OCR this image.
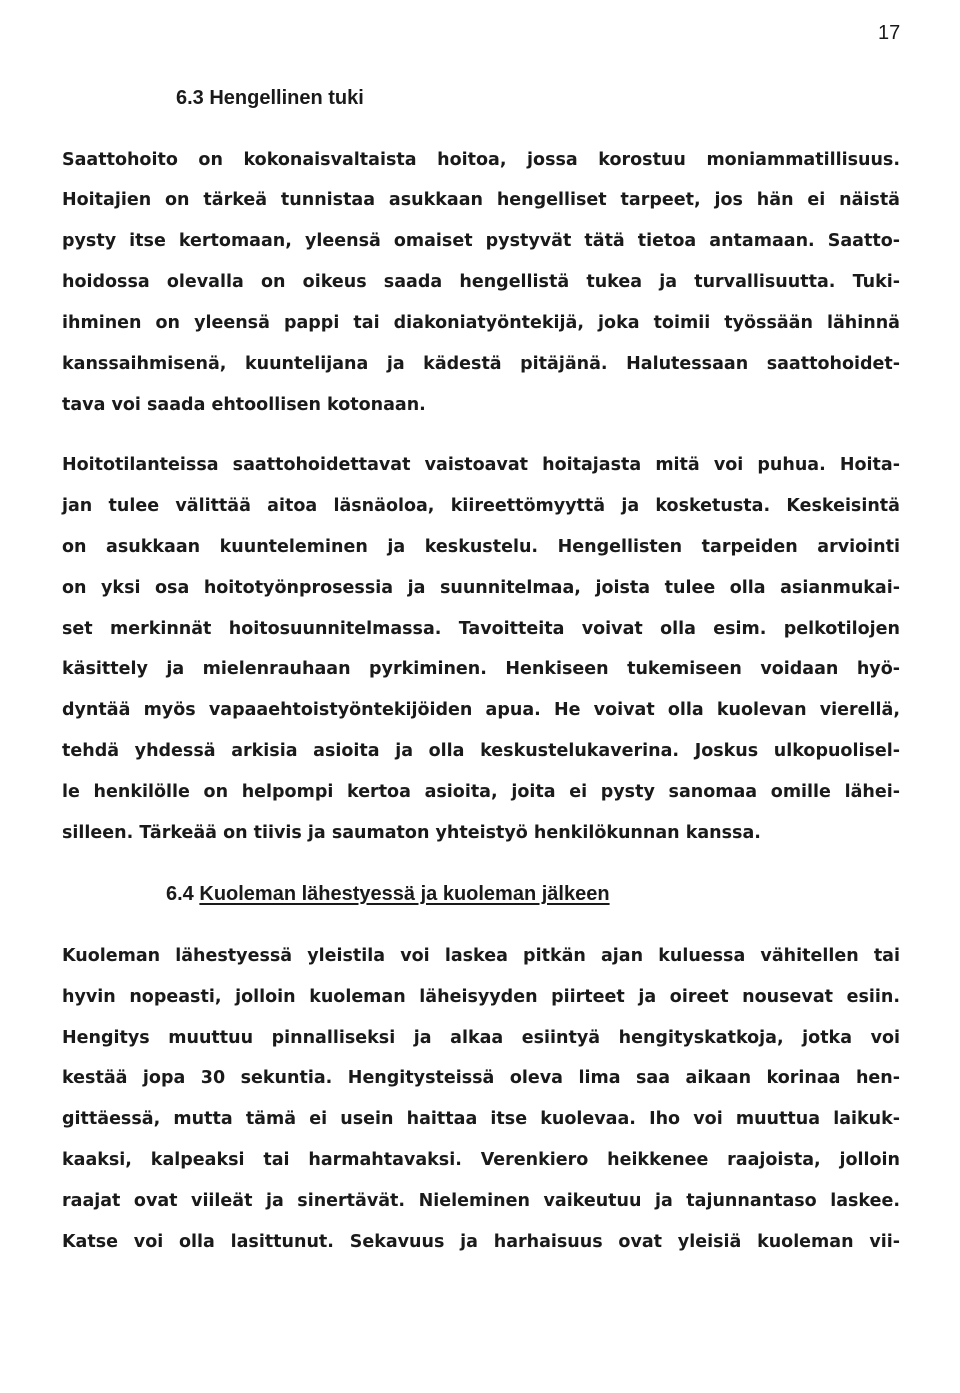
17
6.3 Hengellinen tuki
Saattohoito on kokonaisvaltaista hoitoa, jossa korostuu moniammatillisuus.
Hoitajien on tärkeä tunnistaa asukkaan hengelliset tarpeet, jos hän ei näistä
pysty itse kertomaan, yleensä omaiset pystyvät tätä tietoa antamaan. Saatto-
hoidossa olevalla on oikeus saada hengellistä tukea ja turvallisuutta. Tuki-
ihminen on yleensä pappi tai diakoniatyöntekijä, joka toimii työssään lähinnä
kanssaihmisenä, kuuntelijana ja kädestä pitäjänä. Halutessaan saattohoidet-
tava voi saada ehtoollisen kotonaan.
Hoitotilanteissa saattohoidettavat vaistoavat hoitajasta mitä voi puhua. Hoita-
jan tulee välittää aitoa läsnäoloa, kiireettömyyttä ja kosketusta. Keskeisintä
on asukkaan kuunteleminen ja keskustelu. Hengellisten tarpeiden arviointi
on yksi osa hoitotyönprosessia ja suunnitelmaa, joista tulee olla asianmukai-
set merkinnät hoitosuunnitelmassa. Tavoitteita voivat olla esim. pelkotilojen
käsittely ja mielenrauhaan pyrkiminen. Henkiseen tukemiseen voidaan hyö-
dyntää myös vapaaehtoistyöntekijöiden apua. He voivat olla kuolevan vierellä,
tehdä yhdessä arkisia asioita ja olla keskustelukaverina. Joskus ulkopuolisel-
le henkilölle on helpompi kertoa asioita, joita ei pysty sanomaa omille lähei-
silleen. Tärkeää on tiivis ja saumaton yhteistyö henkilökunnan kanssa.
6.4 Kuoleman lähestyessä ja kuoleman jälkeen
Kuoleman lähestyessä yleistila voi laskea pitkän ajan kuluessa vähitellen tai
hyvin nopeasti, jolloin kuoleman läheisyyden piirteet ja oireet nousevat esiin.
Hengitys muuttuu pinnalliseksi ja alkaa esiintyä hengityskatkoja, jotka voi
kestää jopa 30 sekuntia. Hengitysteissä oleva lima saa aikaan korinaa hen-
gittäessä, mutta tämä ei usein haittaa itse kuolevaa. Iho voi muuttua laikuk-
kaaksi, kalpeaksi tai harmahtavaksi. Verenkiero heikkenee raajoista, jolloin
raajat ovat viileät ja sinertävät. Nieleminen vaikeutuu ja tajunnantaso laskee.
Katse voi olla lasittunut. Sekavuus ja harhaisuus ovat yleisiä kuoleman vii-
